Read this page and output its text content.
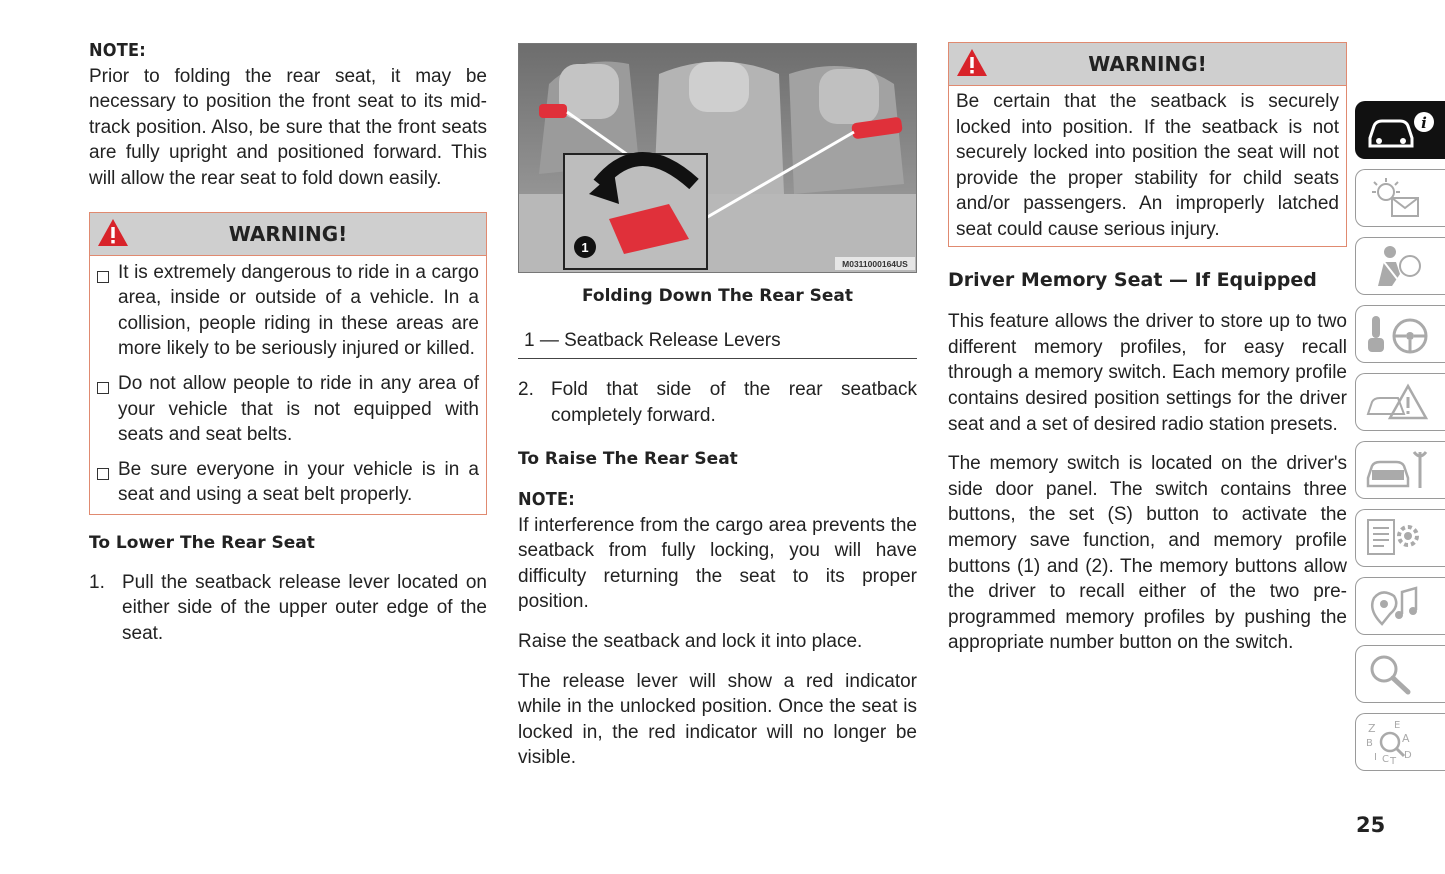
NOTE:

Prior to folding the rear seat, it may be necessary to position the front seat to its mid-track position. Also, be sure that the front seats are fully upright and positioned forward. This will allow the rear seat to fold down easily.

WARNING!
It is extremely dangerous to ride in a cargo area, inside or outside of a vehicle. In a collision, people riding in these areas are more likely to be seriously injured or killed.
Do not allow people to ride in any area of your vehicle that is not equipped with seats and seat belts.
Be sure everyone in your vehicle is in a seat and using a seat belt properly.
To Lower The Rear Seat
1. Pull the seatback release lever located on either side of the upper outer edge of the seat.
1
M0311000164US
Folding Down The Rear Seat
1 — Seatback Release Levers
2. Fold that side of the rear seatback completely forward.
To Raise The Rear Seat
NOTE:

If interference from the cargo area prevents the seatback from fully locking, you will have difficulty returning the seat to its proper position.

Raise the seatback and lock it into place.

The release lever will show a red indicator while in the unlocked position. Once the seat is locked in, the red indicator will no longer be visible.

WARNING!

Be certain that the seatback is securely locked into position. If the seatback is not securely locked into position the seat will not provide the proper stability for child seats and/or passengers. An improperly latched seat could cause serious injury.

Driver Memory Seat — If Equipped

This feature allows the driver to store up to two different memory profiles, for easy recall through a memory switch. Each memory profile contains desired position settings for the driver seat and a set of desired radio station presets.

The memory switch is located on the driver's side door panel. The switch contains three buttons, the set (S) button to activate the memory save function, and memory profile buttons (1) and (2). The memory buttons allow the driver to recall either of the two pre-programmed memory profiles by pushing the appropriate number button on the switch.

i
Z E
B	A
I C T
D
25
